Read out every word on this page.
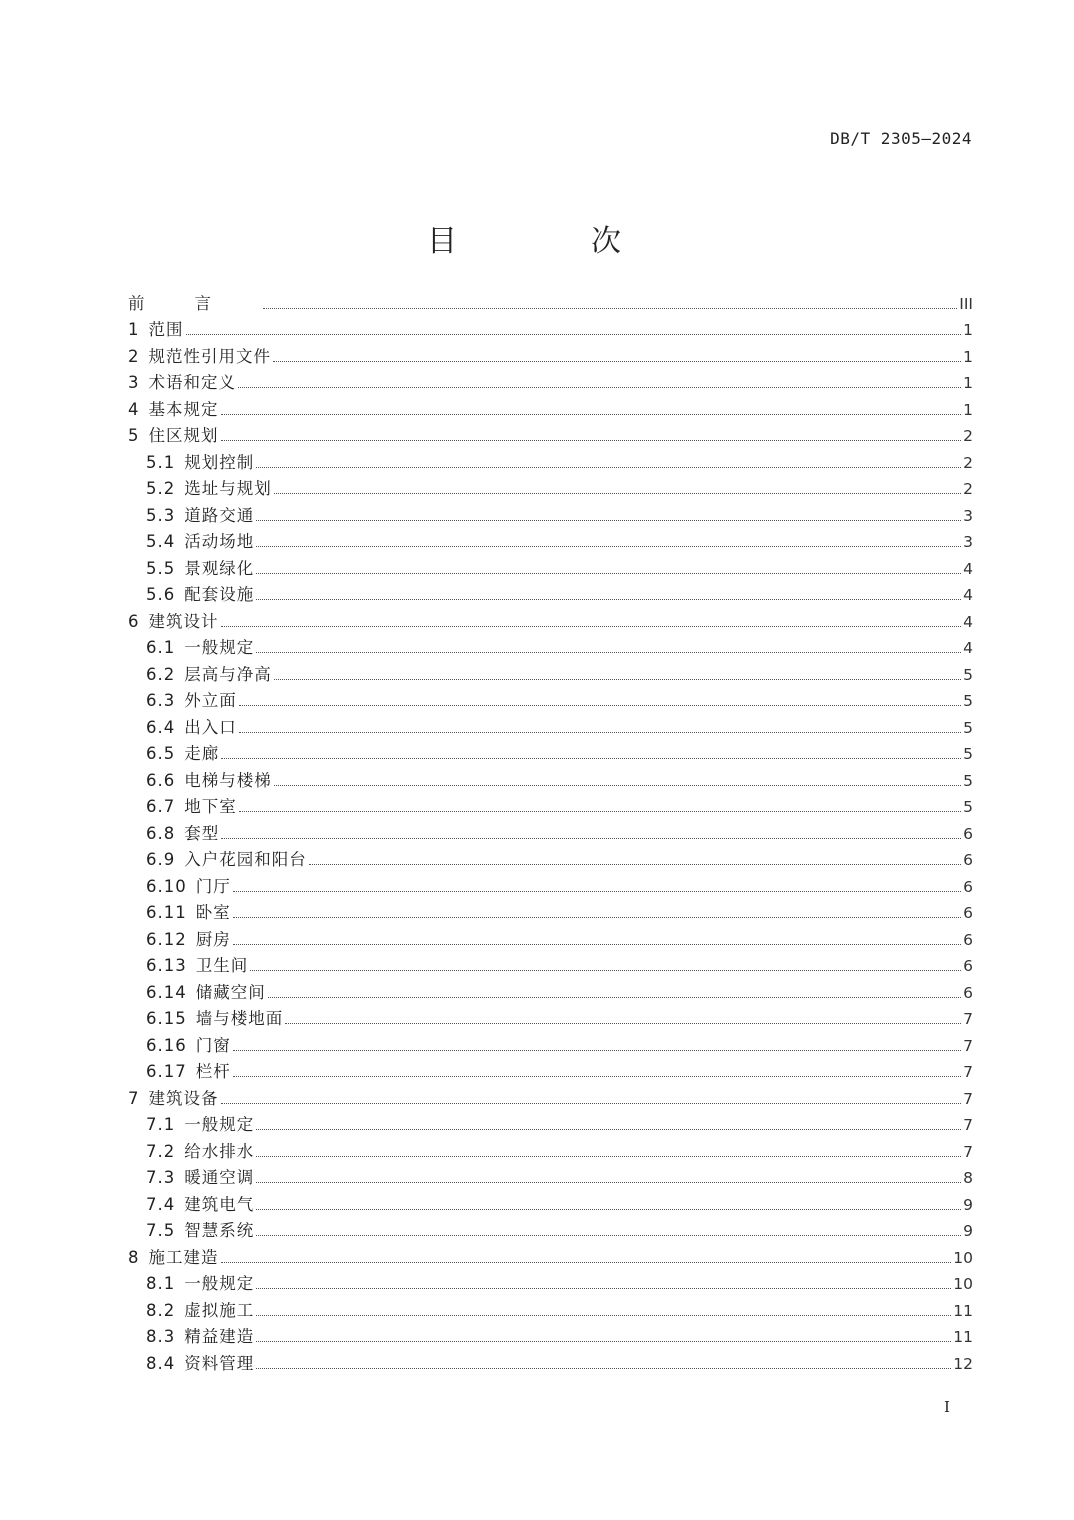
DB/T 2305—2024
目　次
前言	III
1 范围	1
2 规范性引用文件	1
3 术语和定义	1
4 基本规定	1
5 住区规划	2
5.1 规划控制	2
5.2 选址与规划	2
5.3 道路交通	3
5.4 活动场地	3
5.5 景观绿化	4
5.6 配套设施	4
6 建筑设计	4
6.1 一般规定	4
6.2 层高与净高	5
6.3 外立面	5
6.4 出入口	5
6.5 走廊	5
6.6 电梯与楼梯	5
6.7 地下室	5
6.8 套型	6
6.9 入户花园和阳台	6
6.10 门厅	6
6.11 卧室	6
6.12 厨房	6
6.13 卫生间	6
6.14 储藏空间	6
6.15 墙与楼地面	7
6.16 门窗	7
6.17 栏杆	7
7 建筑设备	7
7.1 一般规定	7
7.2 给水排水	7
7.3 暖通空调	8
7.4 建筑电气	9
7.5 智慧系统	9
8 施工建造	10
8.1 一般规定	10
8.2 虚拟施工	11
8.3 精益建造	11
8.4 资料管理	12
I
